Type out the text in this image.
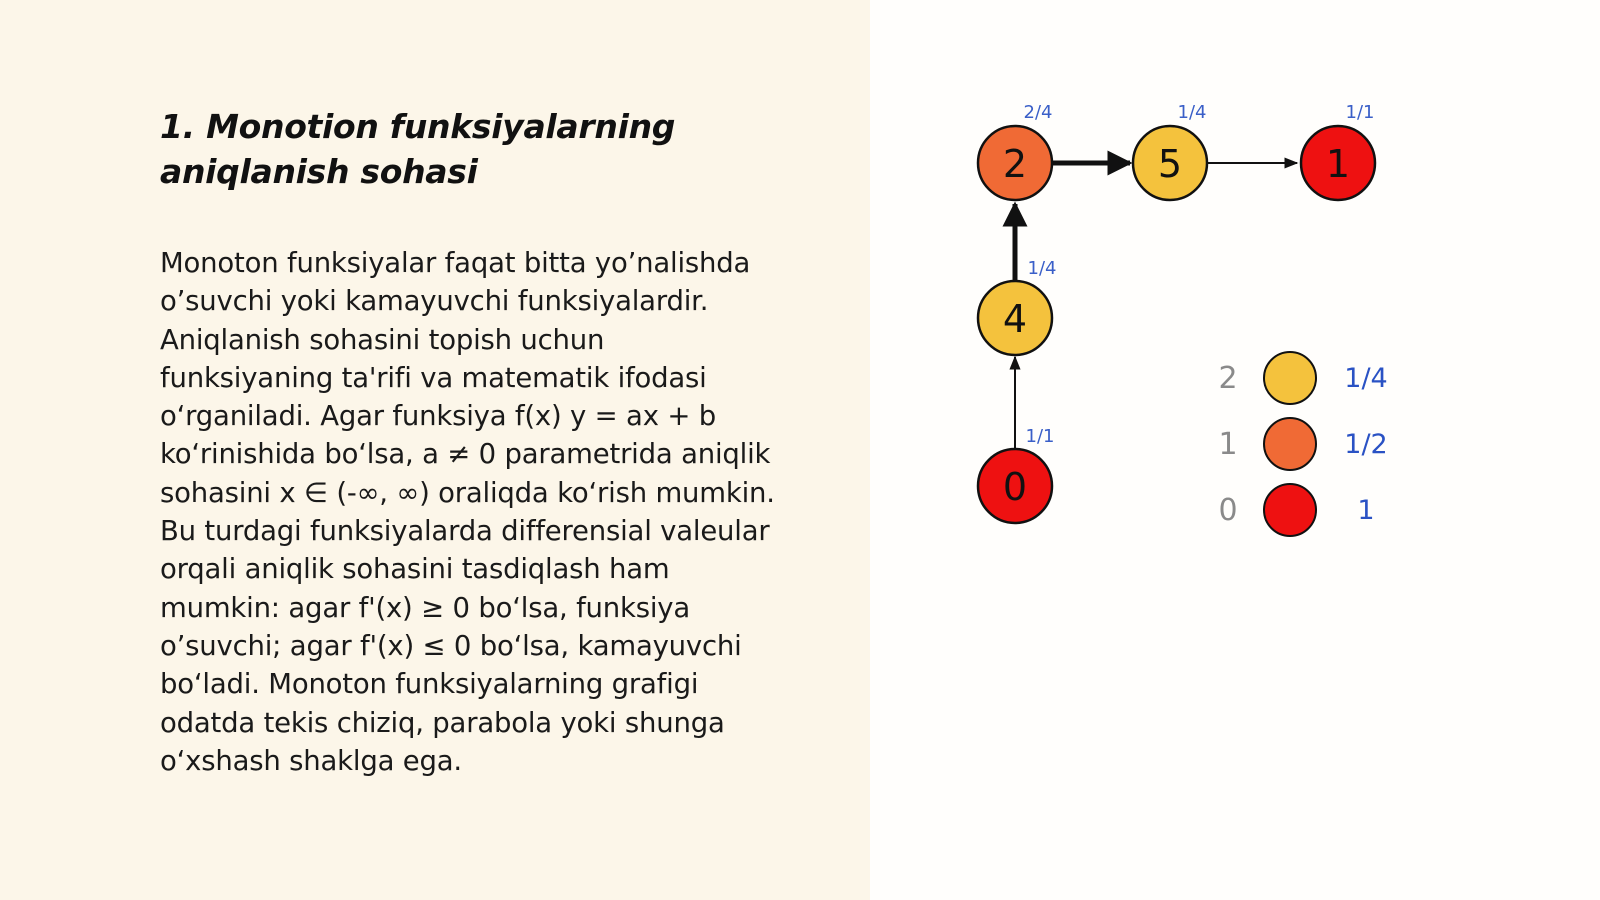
1. Monotion funksiyalarning
aniqlanish sohasi

Monoton funksiyalar faqat bitta yo’nalishda
o’suvchi yoki kamayuvchi funksiyalardir.
Aniqlanish sohasini topish uchun
funksiyaning ta'rifi va matematik ifodasi
o‘rganiladi. Agar funksiya f(x) y = ax + b
ko‘rinishida bo‘lsa, a ≠ 0 parametrida aniqlik
sohasini x ∈ (-∞, ∞) oraliqda ko‘rish mumkin.
Bu turdagi funksiyalarda differensial valeular
orqali aniqlik sohasini tasdiqlash ham
mumkin: agar f'(x) ≥ 0 bo‘lsa, funksiya
o’suvchi; agar f'(x) ≤ 0 bo‘lsa, kamayuvchi
bo‘ladi. Monoton funksiyalarning grafigi
odatda tekis chiziq, parabola yoki shunga
o‘xshash shaklga ega.

2
2/4
5
1/4
1
1/1
4
1/4
0
1/1
2	1/4
1	1/2
0	1
